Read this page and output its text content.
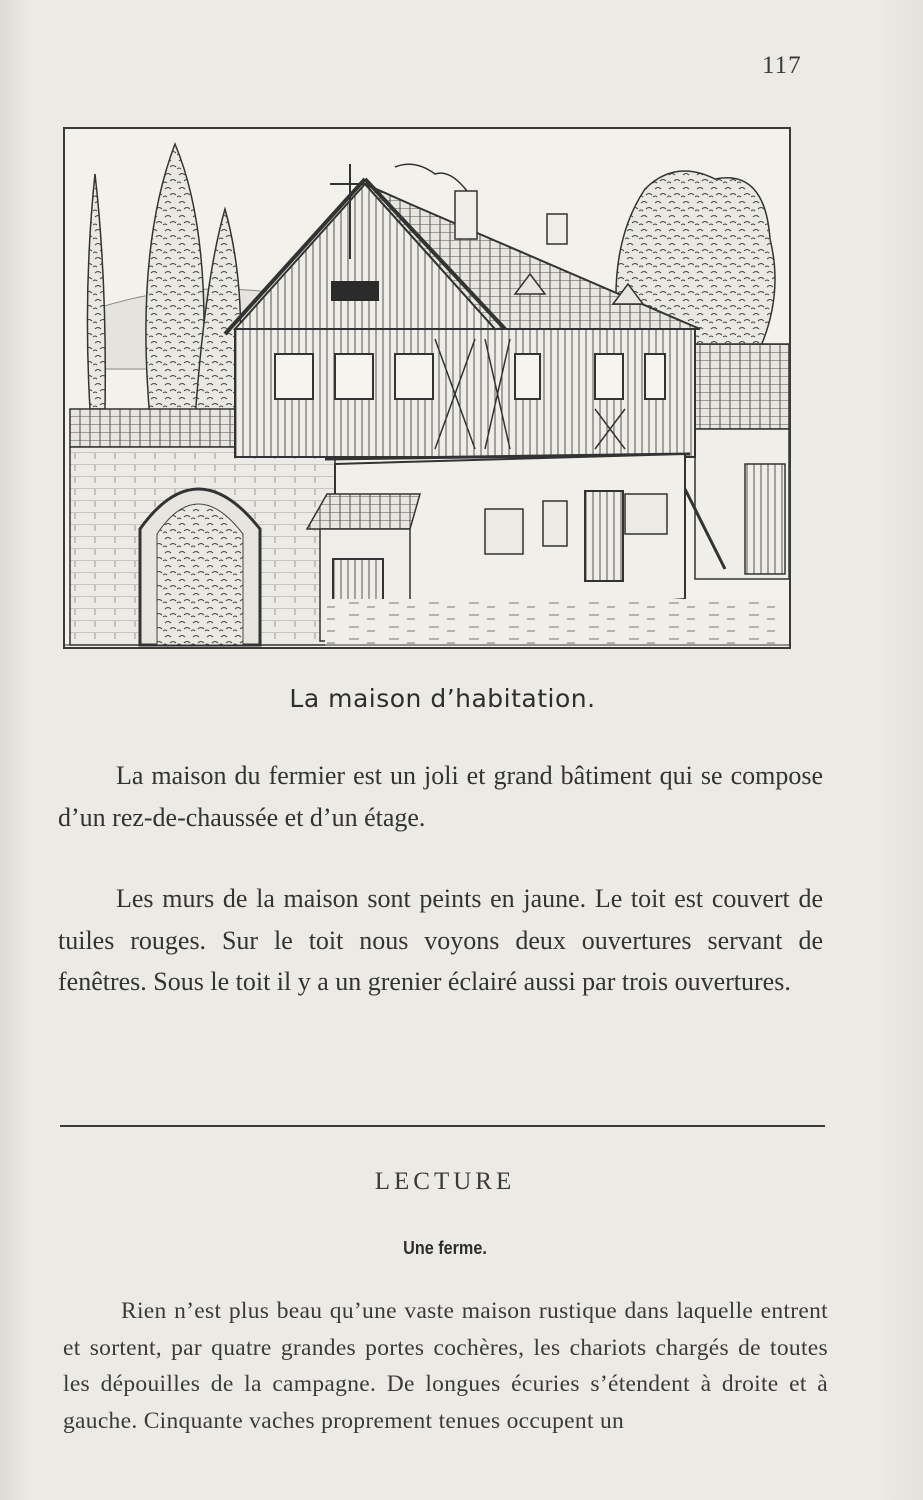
117
La maison d’habitation.

La maison du fermier est un joli et grand bâtiment qui se compose d’un rez-de-chaussée et d’un étage.

Les murs de la maison sont peints en jaune. Le toit est couvert de tuiles rouges. Sur le toit nous voyons deux ouvertures servant de fenêtres. Sous le toit il y a un grenier éclairé aussi par trois ouvertures.

LECTURE
Une ferme.

Rien n’est plus beau qu’une vaste maison rustique dans laquelle entrent et sortent, par quatre grandes portes cochères, les chariots chargés de toutes les dépouilles de la campagne. De longues écuries s’étendent à droite et à gauche. Cinquante vaches proprement tenues occupent un
